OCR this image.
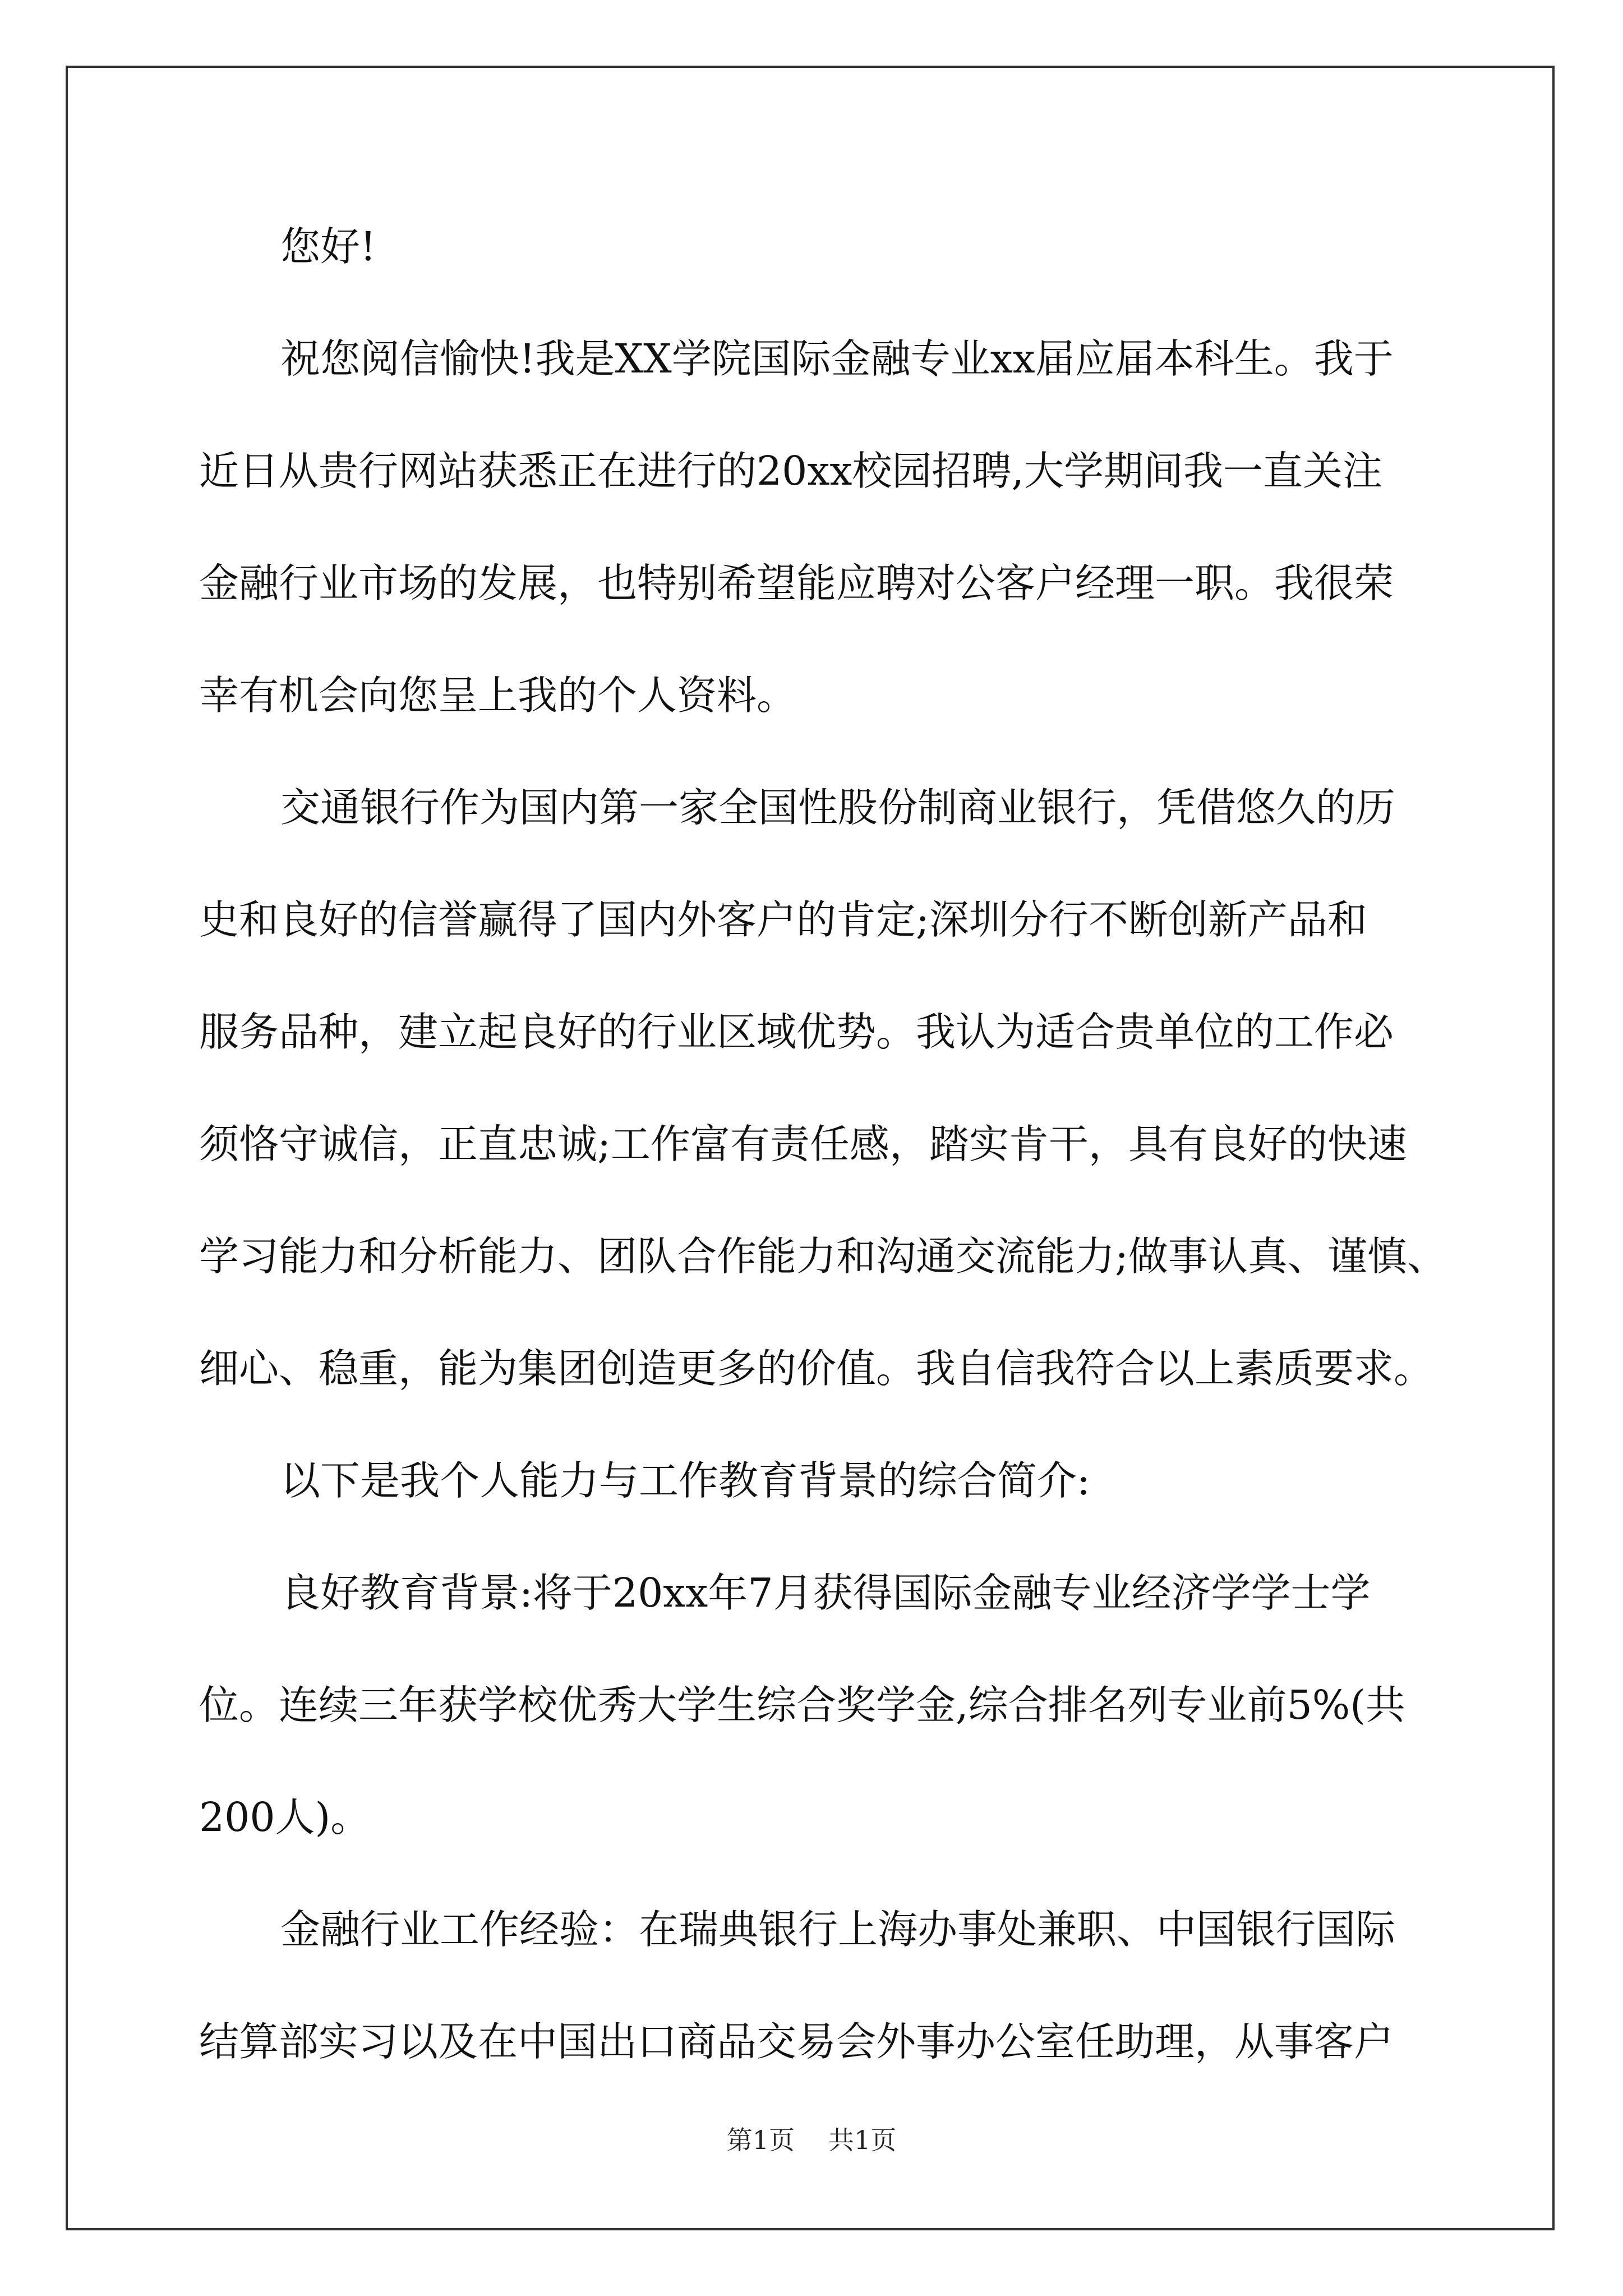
您好!
祝您阅信愉快!我是XX学院国际金融专业xx届应届本科生。我于
近日从贵行网站获悉正在进行的20xx校园招聘,大学期间我一直关注
金融行业市场的发展，也特别希望能应聘对公客户经理一职。我很荣
幸有机会向您呈上我的个人资料。
交通银行作为国内第一家全国性股份制商业银行，凭借悠久的历
史和良好的信誉赢得了国内外客户的肯定;深圳分行不断创新产品和
服务品种，建立起良好的行业区域优势。我认为适合贵单位的工作必
须恪守诚信，正直忠诚;工作富有责任感，踏实肯干，具有良好的快速
学习能力和分析能力、团队合作能力和沟通交流能力;做事认真、谨慎、
细心、稳重，能为集团创造更多的价值。我自信我符合以上素质要求。
以下是我个人能力与工作教育背景的综合简介:
良好教育背景:将于20xx年7月获得国际金融专业经济学学士学
位。连续三年获学校优秀大学生综合奖学金,综合排名列专业前5%(共
200人)。
金融行业工作经验：在瑞典银行上海办事处兼职、中国银行国际
结算部实习以及在中国出口商品交易会外事办公室任助理，从事客户
第1页 共1页
